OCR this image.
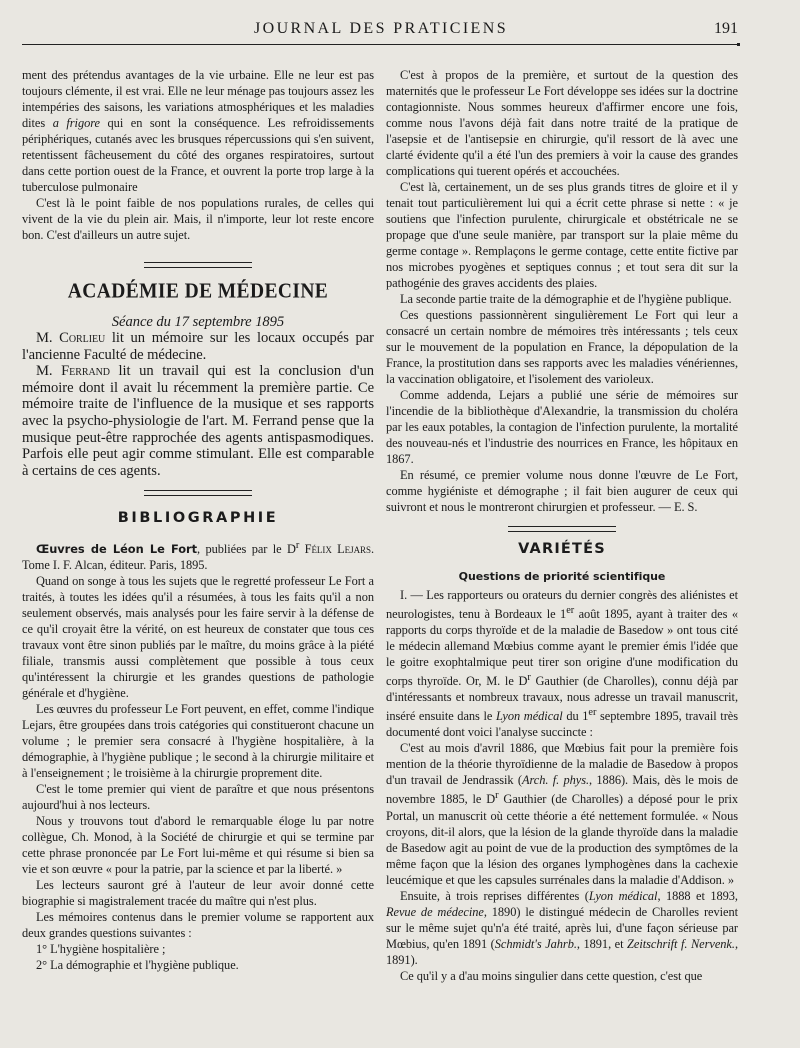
JOURNAL DES PRATICIENS	191

ment des prétendus avantages de la vie urbaine. Elle ne leur est pas toujours clémente, il est vrai. Elle ne leur ménage pas toujours assez les intempéries des saisons, les variations atmosphériques et les maladies dites a frigore qui en sont la conséquence. Les refroidissements périphériques, cutanés avec les brusques répercussions qui s'en suivent, retentissent fâcheusement du côté des organes respiratoires, surtout dans cette portion ouest de la France, et ouvrent la porte trop large à la tuberculose pulmonaire

C'est là le point faible de nos populations rurales, de celles qui vivent de la vie du plein air. Mais, il n'importe, leur lot reste encore bon. C'est d'ailleurs un autre sujet.

ACADÉMIE DE MÉDECINE
Séance du 17 septembre 1895

M. Corlieu lit un mémoire sur les locaux occupés par l'ancienne Faculté de médecine.

M. Ferrand lit un travail qui est la conclusion d'un mémoire dont il avait lu récemment la première partie. Ce mémoire traite de l'influence de la musique et ses rapports avec la psycho-physiologie de l'art. M. Ferrand pense que la musique peut-être rapprochée des agents antispasmodiques. Parfois elle peut agir comme stimulant. Elle est comparable à certains de ces agents.

BIBLIOGRAPHIE

Œuvres de Léon Le Fort, publiées par le $D^r$ Félix Lejars. Tome I. F. Alcan, éditeur. Paris, 1895.

Quand on songe à tous les sujets que le regretté professeur Le Fort a traités, à toutes les idées qu'il a résumées, à tous les faits qu'il a non seulement observés, mais analysés pour les faire servir à la défense de ce qu'il croyait être la vérité, on est heureux de constater que tous ces travaux vont être sinon publiés par le maître, du moins grâce à la piété filiale, transmis aussi complètement que possible à tous ceux qu'intéressent la chirurgie et les grandes questions de pathologie générale et d'hygiène.

Les œuvres du professeur Le Fort peuvent, en effet, comme l'indique Lejars, être groupées dans trois catégories qui constitueront chacune un volume ; le premier sera consacré à l'hygiène hospitalière, à la démographie, à l'hygiène publique ; le second à la chirurgie militaire et à l'enseignement ; le troisième à la chirurgie proprement dite.

C'est le tome premier qui vient de paraître et que nous présentons aujourd'hui à nos lecteurs.

Nous y trouvons tout d'abord le remarquable éloge lu par notre collègue, Ch. Monod, à la Société de chirurgie et qui se termine par cette phrase prononcée par Le Fort lui-même et qui résume si bien sa vie et son œuvre « pour la patrie, par la science et par la liberté. »

Les lecteurs sauront gré à l'auteur de leur avoir donné cette biographie si magistralement tracée du maître qui n'est plus.

Les mémoires contenus dans le premier volume se rapportent aux deux grandes questions suivantes :

1° L'hygiène hospitalière ;

2° La démographie et l'hygiène publique.

C'est à propos de la première, et surtout de la question des maternités que le professeur Le Fort développe ses idées sur la doctrine contagionniste. Nous sommes heureux d'affirmer encore une fois, comme nous l'avons déjà fait dans notre traité de la pratique de l'asepsie et de l'antisepsie en chirurgie, qu'il ressort de là avec une clarté évidente qu'il a été l'un des premiers à voir la cause des grandes complications qui tuerent opérés et accouchées.

C'est là, certainement, un de ses plus grands titres de gloire et il y tenait tout particulièrement lui qui a écrit cette phrase si nette : « je soutiens que l'infection purulente, chirurgicale et obstétricale ne se propage que d'une seule manière, par transport sur la plaie même du germe contage ». Remplaçons le germe contage, cette entite fictive par nos microbes pyogènes et septiques connus ; et tout sera dit sur la pathogénie des graves accidents des plaies.

La seconde partie traite de la démographie et de l'hygiène publique.

Ces questions passionnèrent singulièrement Le Fort qui leur a consacré un certain nombre de mémoires très intéressants ; tels ceux sur le mouvement de la population en France, la dépopulation de la France, la prostitution dans ses rapports avec les maladies vénériennes, la vaccination obligatoire, et l'isolement des varioleux.

Comme addenda, Lejars a publié une série de mémoires sur l'incendie de la bibliothèque d'Alexandrie, la transmission du choléra par les eaux potables, la contagion de l'infection purulente, la mortalité des nouveau-nés et l'industrie des nourrices en France, les hôpitaux en 1867.

En résumé, ce premier volume nous donne l'œuvre de Le Fort, comme hygiéniste et démographe ; il fait bien augurer de ceux qui suivront et nous le montreront chirurgien et professeur. — E. S.

VARIÉTÉS
Questions de priorité scientifique

I. — Les rapporteurs ou orateurs du dernier congrès des aliénistes et neurologistes, tenu à Bordeaux le 1er août 1895, ayant à traiter des « rapports du corps thyroïde et de la maladie de Basedow » ont tous cité le médecin allemand Mœbius comme ayant le premier émis l'idée que le goitre exophtalmique peut tirer son origine d'une modification du corps thyroïde. Or, M. le $D^r$ Gauthier (de Charolles), connu déjà par d'intéressants et nombreux travaux, nous adresse un travail manuscrit, inséré ensuite dans le Lyon médical du 1er septembre 1895, travail très documenté dont voici l'analyse succincte :

C'est au mois d'avril 1886, que Mœbius fait pour la première fois mention de la théorie thyroïdienne de la maladie de Basedow à propos d'un travail de Jendrassik (Arch. f. phys., 1886). Mais, dès le mois de novembre 1885, le $D^r$ Gauthier (de Charolles) a déposé pour le prix Portal, un manuscrit où cette théorie a été nettement formulée. « Nous croyons, dit-il alors, que la lésion de la glande thyroïde dans la maladie de Basedow agit au point de vue de la production des symptômes de la même façon que la lésion des organes lymphogènes dans la cachexie leucémique et que les capsules surrénales dans la maladie d'Addison. »

Ensuite, à trois reprises différentes (Lyon médical, 1888 et 1893, Revue de médecine, 1890) le distingué médecin de Charolles revient sur le même sujet qu'n'a été traité, après lui, d'une façon sérieuse par Mœbius, qu'en 1891 (Schmidt's Jahrb., 1891, et Zeitschrift f. Nervenk., 1891).

Ce qu'il y a d'au moins singulier dans cette question, c'est que
